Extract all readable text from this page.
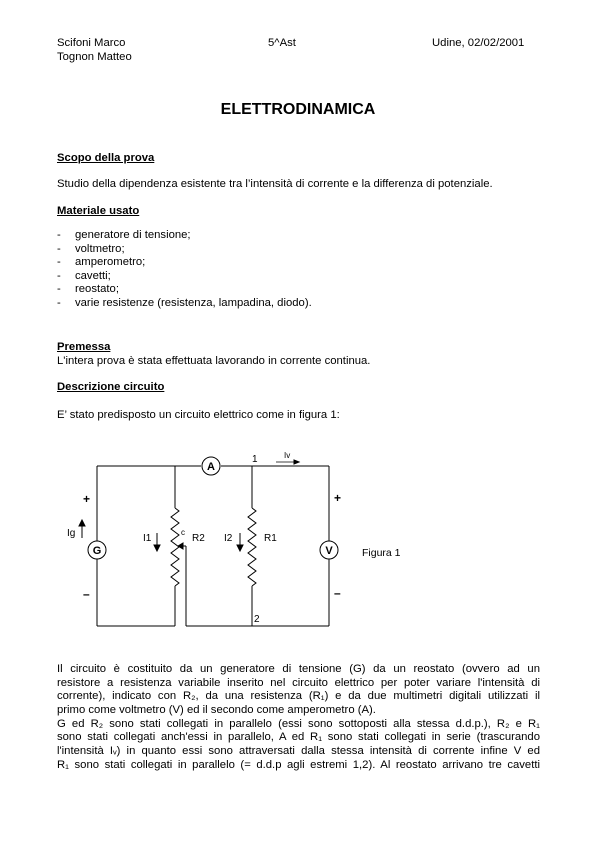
Scifoni Marco

Tognon Matteo

5^Ast	Udine, 02/02/2001

ELETTRODINAMICA

Scopo della prova

Studio della dipendenza esistente tra l’intensità di corrente e la differenza di potenziale.

Materiale usato

- generatore di tensione;
- voltmetro;
- amperometro;
- cavetti;
- reostato;
- varie resistenze (resistenza, lampadina, diodo).

Premessa

L'intera prova è stata effettuata lavorando in corrente continua.

Descrizione circuito

E’ stato predisposto un circuito elettrico come in figura 1:

A
G	V
1
2
Iv
Ig	I1	I2
c
R2	R1
+
–
+
–
Figura 1

Il circuito è costituito da un generatore di tensione (G) da un reostato (ovvero ad un

resistore a resistenza variabile inserito nel circuito elettrico per poter variare l'intensità di

corrente), indicato con R₂, da una resistenza (R₁) e da due multimetri digitali utilizzati il

primo come voltmetro (V) ed il secondo come amperometro (A).

G ed R₂ sono stati collegati in parallelo (essi sono sottoposti alla stessa d.d.p.), R₂ e R₁

sono stati collegati anch'essi in parallelo, A ed R₁ sono stati collegati in serie (trascurando

l'intensità Iᵥ) in quanto essi sono attraversati dalla stessa intensità di corrente infine V ed

R₁ sono stati collegati in parallelo (= d.d.p agli estremi 1,2). Al reostato arrivano tre cavetti
